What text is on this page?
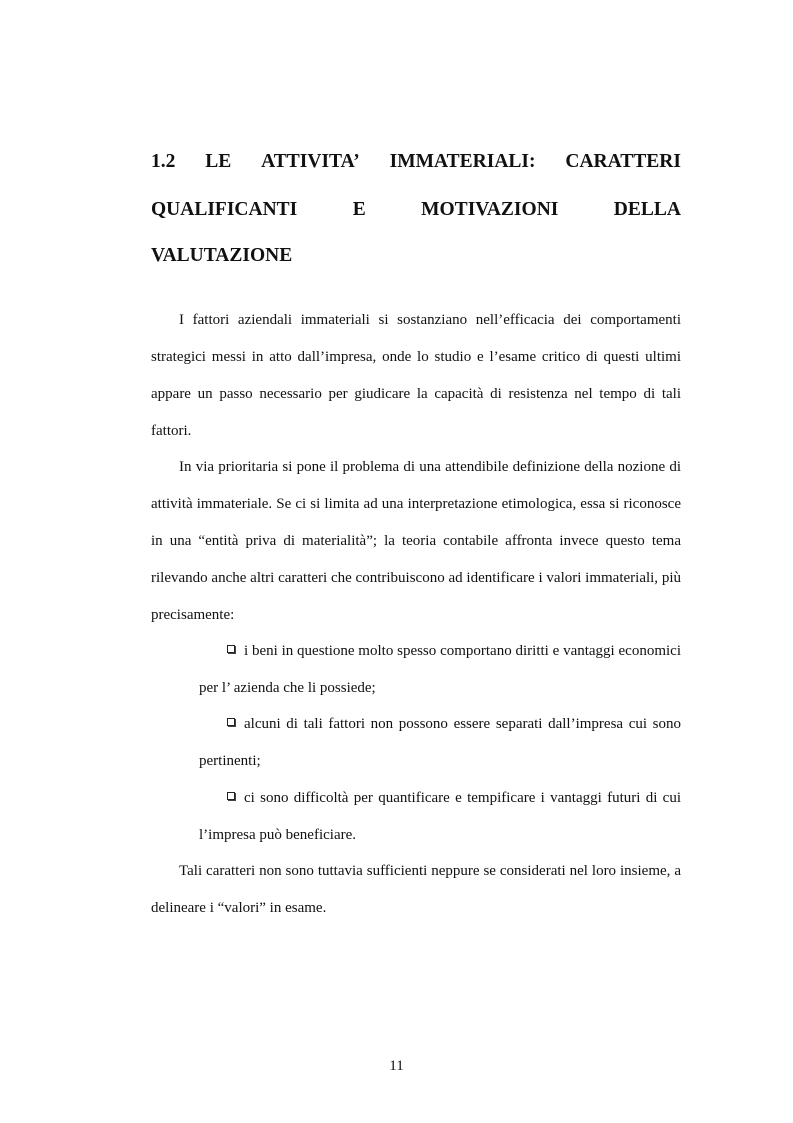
1.2 LE ATTIVITA’ IMMATERIALI: CARATTERI
QUALIFICANTI	E	MOTIVAZIONI	DELLA
VALUTAZIONE

I fattori aziendali immateriali si sostanziano nell’efficacia dei comportamenti strategici messi in atto dall’impresa, onde lo studio e l’esame critico di questi ultimi appare un passo necessario per giudicare la capacità di resistenza nel tempo di tali fattori.

In via prioritaria si pone il problema di una attendibile definizione della nozione di attività immateriale. Se ci si limita ad una interpretazione etimologica, essa si riconosce in una “entità priva di materialità”; la teoria contabile affronta invece questo tema rilevando anche altri caratteri che contribuiscono ad identificare i valori immateriali, più precisamente:

i beni in questione molto spesso comportano diritti e vantaggi economici per l’ azienda che li possiede;

alcuni di tali fattori non possono essere separati dall’impresa cui sono pertinenti;

ci sono difficoltà per quantificare e tempificare i vantaggi futuri di cui l’impresa può beneficiare.

Tali caratteri non sono tuttavia sufficienti neppure se considerati nel loro insieme, a delineare i “valori” in esame.

11
